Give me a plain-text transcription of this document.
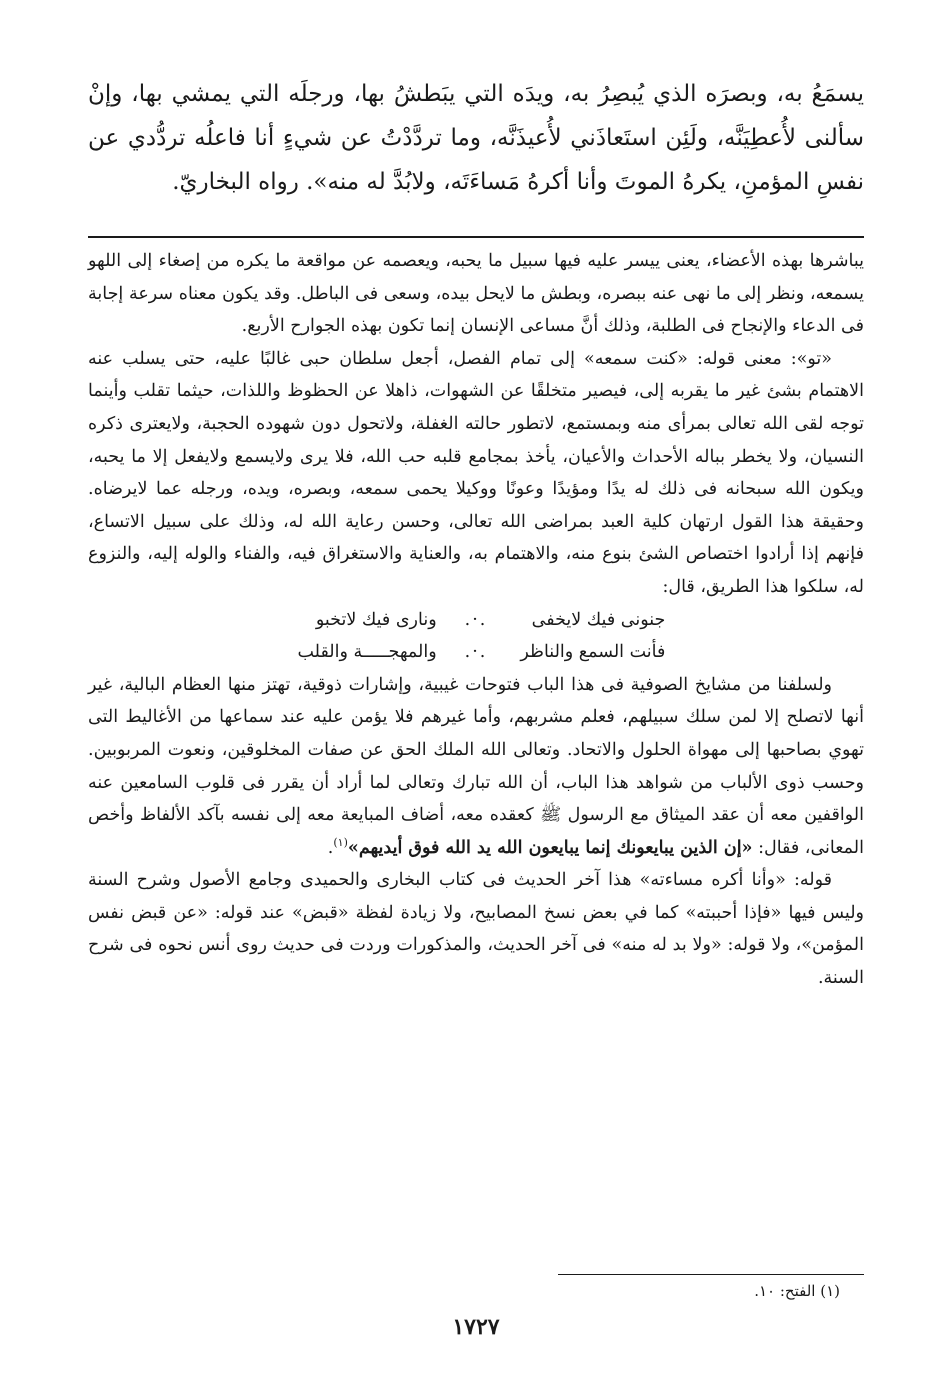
يسمَعُ به، وبصرَه الذي يُبصِرُ به، ويدَه التي يبَطشُ بها، ورجلَه التي يمشي بها، وإنْ سألنى لأُعطِيَنَّه، ولَئِن استَعاذَني لأُعيذَنَّه، وما تردَّدْتُ عن شيءٍ أنا فاعلُه تردُّدي عن نفسِ المؤمنِ، يكرهُ الموتَ وأنا أكرهُ مَساءَتَه، ولابُدَّ له منه». رواه البخاريّ.

يباشرها بهذه الأعضاء، يعنى ييسر عليه فيها سبيل ما يحبه، ويعصمه عن مواقعة ما يكره من إصغاء إلى اللهو يسمعه، ونظر إلى ما نهى عنه ببصره، وبطش ما لايحل بيده، وسعى فى الباطل. وقد يكون معناه سرعة إجابة فى الدعاء والإنجاح فى الطلبة، وذلك أنَّ مساعى الإنسان إنما تكون بهذه الجوارح الأربع.

«تو»: معنى قوله: «كنت سمعه» إلى تمام الفصل، أجعل سلطان حبى غالبًا عليه، حتى يسلب عنه الاهتمام بشئ غير ما يقربه إلى، فيصير متخلقًا عن الشهوات، ذاهلا عن الحظوظ واللذات، حيثما تقلب وأينما توجه لقى الله تعالى بمرأى منه وبمستمع، لاتطور حالته الغفلة، ولاتحول دون شهوده الحجبة، ولايعترى ذكره النسيان، ولا يخطر بباله الأحداث والأعيان، يأخذ بمجامع قلبه حب الله، فلا يرى ولايسمع ولايفعل إلا ما يحبه، ويكون الله سبحانه فى ذلك له يدًا ومؤيدًا وعونًا ووكيلا يحمى سمعه، وبصره، ويده، ورجله عما لايرضاه. وحقيقة هذا القول ارتهان كلية العبد بمراضى الله تعالى، وحسن رعاية الله له، وذلك على سبيل الاتساع، فإنهم إذا أرادوا اختصاص الشئ بنوع منه، والاهتمام به، والعناية والاستغراق فيه، والفناء والوله إليه، والنزوع له، سلكوا هذا الطريق، قال:

جنونى فيك لايخفى
.·.
ونارى فيك لاتخبو
فأنت السمع والناظر
.·.
والمهجـــــة والقلب

ولسلفنا من مشايخ الصوفية فى هذا الباب فتوحات غيبية، وإشارات ذوقية، تهتز منها العظام البالية، غير أنها لاتصلح إلا لمن سلك سبيلهم، فعلم مشربهم، وأما غيرهم فلا يؤمن عليه عند سماعها من الأغاليط التى تهوي بصاحبها إلى مهواة الحلول والاتحاد. وتعالى الله الملك الحق عن صفات المخلوقين، ونعوت المربوبين. وحسب ذوى الألباب من شواهد هذا الباب، أن الله تبارك وتعالى لما أراد أن يقرر فى قلوب السامعين عنه الواقفين معه أن عقد الميثاق مع الرسول ﷺ كعقده معه، أضاف المبايعة معه إلى نفسه بآكد الألفاظ وأخص المعانى، فقال: «إن الذين يبايعونك إنما يبايعون الله يد الله فوق أيديهم»$^{(١)}$.

قوله: «وأنا أكره مساءته» هذا آخر الحديث فى كتاب البخارى والحميدى وجامع الأصول وشرح السنة وليس فيها «فإذا أحببته» كما في بعض نسخ المصابيح، ولا زيادة لفظة «قبض» عند قوله: «عن قبض نفس المؤمن»، ولا قوله: «ولا بد له منه» فى آخر الحديث، والمذكورات وردت فى حديث روى أنس نحوه فى شرح السنة.

(١) الفتح: ١٠.

١٧٢٧
